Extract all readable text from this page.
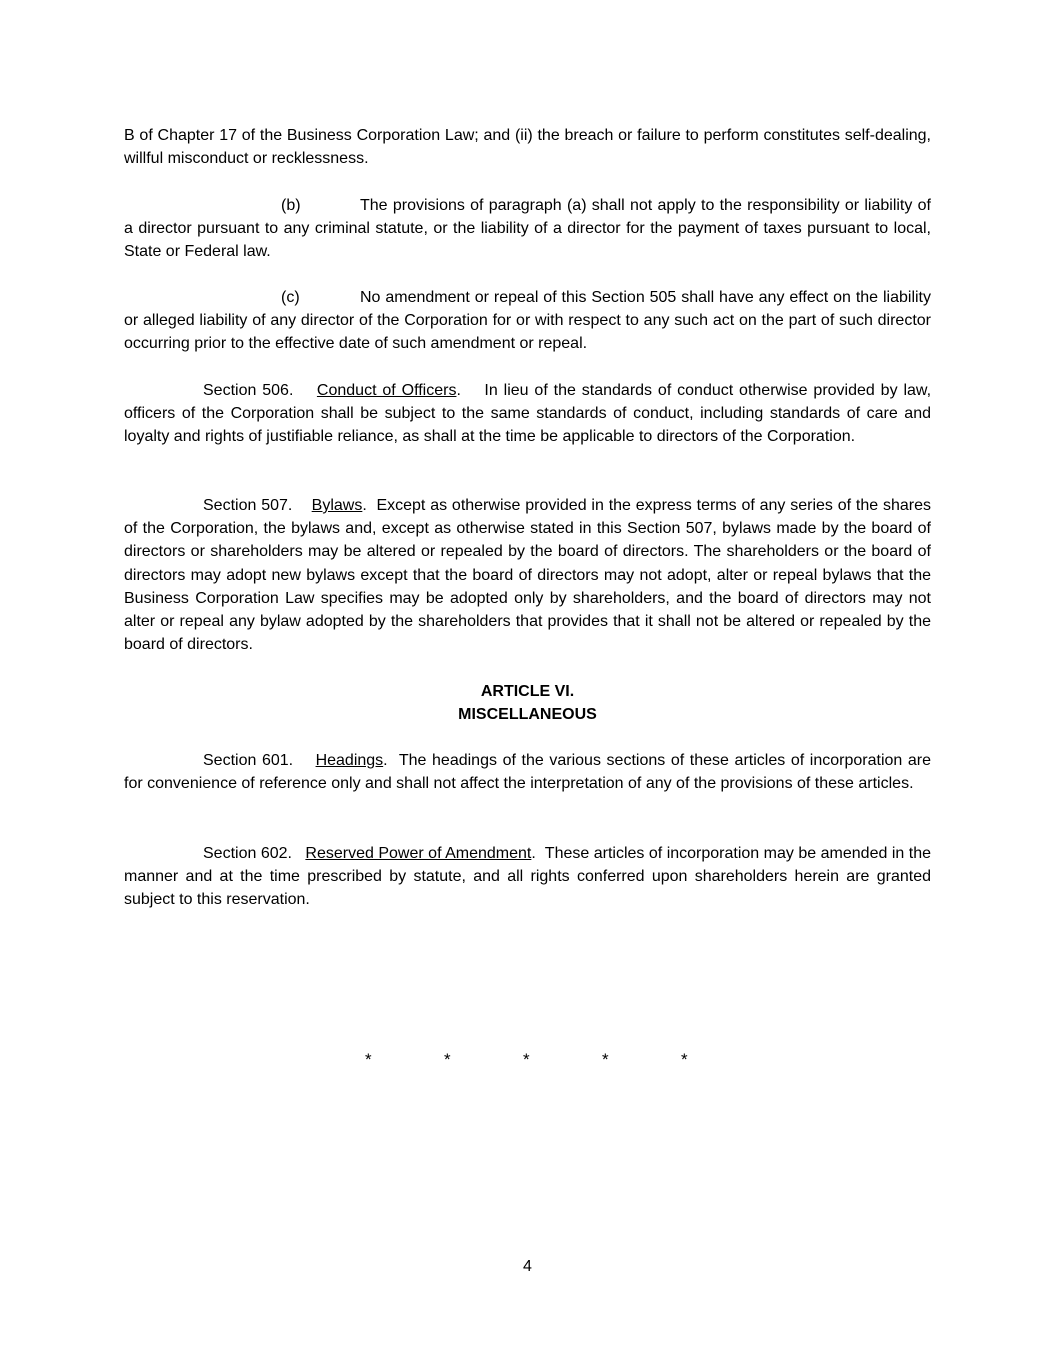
B of Chapter 17 of the Business Corporation Law; and (ii) the breach or failure to perform constitutes self-dealing, willful misconduct or recklessness.

(b)	The provisions of paragraph (a) shall not apply to the responsibility or liability of a director pursuant to any criminal statute, or the liability of a director for the payment of taxes pursuant to local, State or Federal law.

(c)	No amendment or repeal of this Section 505 shall have any effect on the liability or alleged liability of any director of the Corporation for or with respect to any such act on the part of such director occurring prior to the effective date of such amendment or repeal.

Section 506. Conduct of Officers.    In lieu of the standards of conduct otherwise provided by law, officers of the Corporation shall be subject to the same standards of conduct, including standards of care and loyalty and rights of justifiable reliance, as shall at the time be applicable to directors of the Corporation.

Section 507. Bylaws.  Except as otherwise provided in the express terms of any series of the shares of the Corporation, the bylaws and, except as otherwise stated in this Section 507, bylaws made by the board of directors or shareholders may be altered or repealed by the board of directors. The shareholders or the board of directors may adopt new bylaws except that the board of directors may not adopt, alter or repeal bylaws that the Business Corporation Law specifies may be adopted only by shareholders, and the board of directors may not alter or repeal any bylaw adopted by the shareholders that provides that it shall not be altered or repealed by the board of directors.

ARTICLE VI.
MISCELLANEOUS

Section 601. Headings.  The headings of the various sections of these articles of incorporation are for convenience of reference only and shall not affect the interpretation of any of the provisions of these articles.

Section 602. Reserved Power of Amendment.  These articles of incorporation may be amended in the manner and at the time prescribed by statute, and all rights conferred upon shareholders herein are granted subject to this reservation.

*	*	*	*	*
4
